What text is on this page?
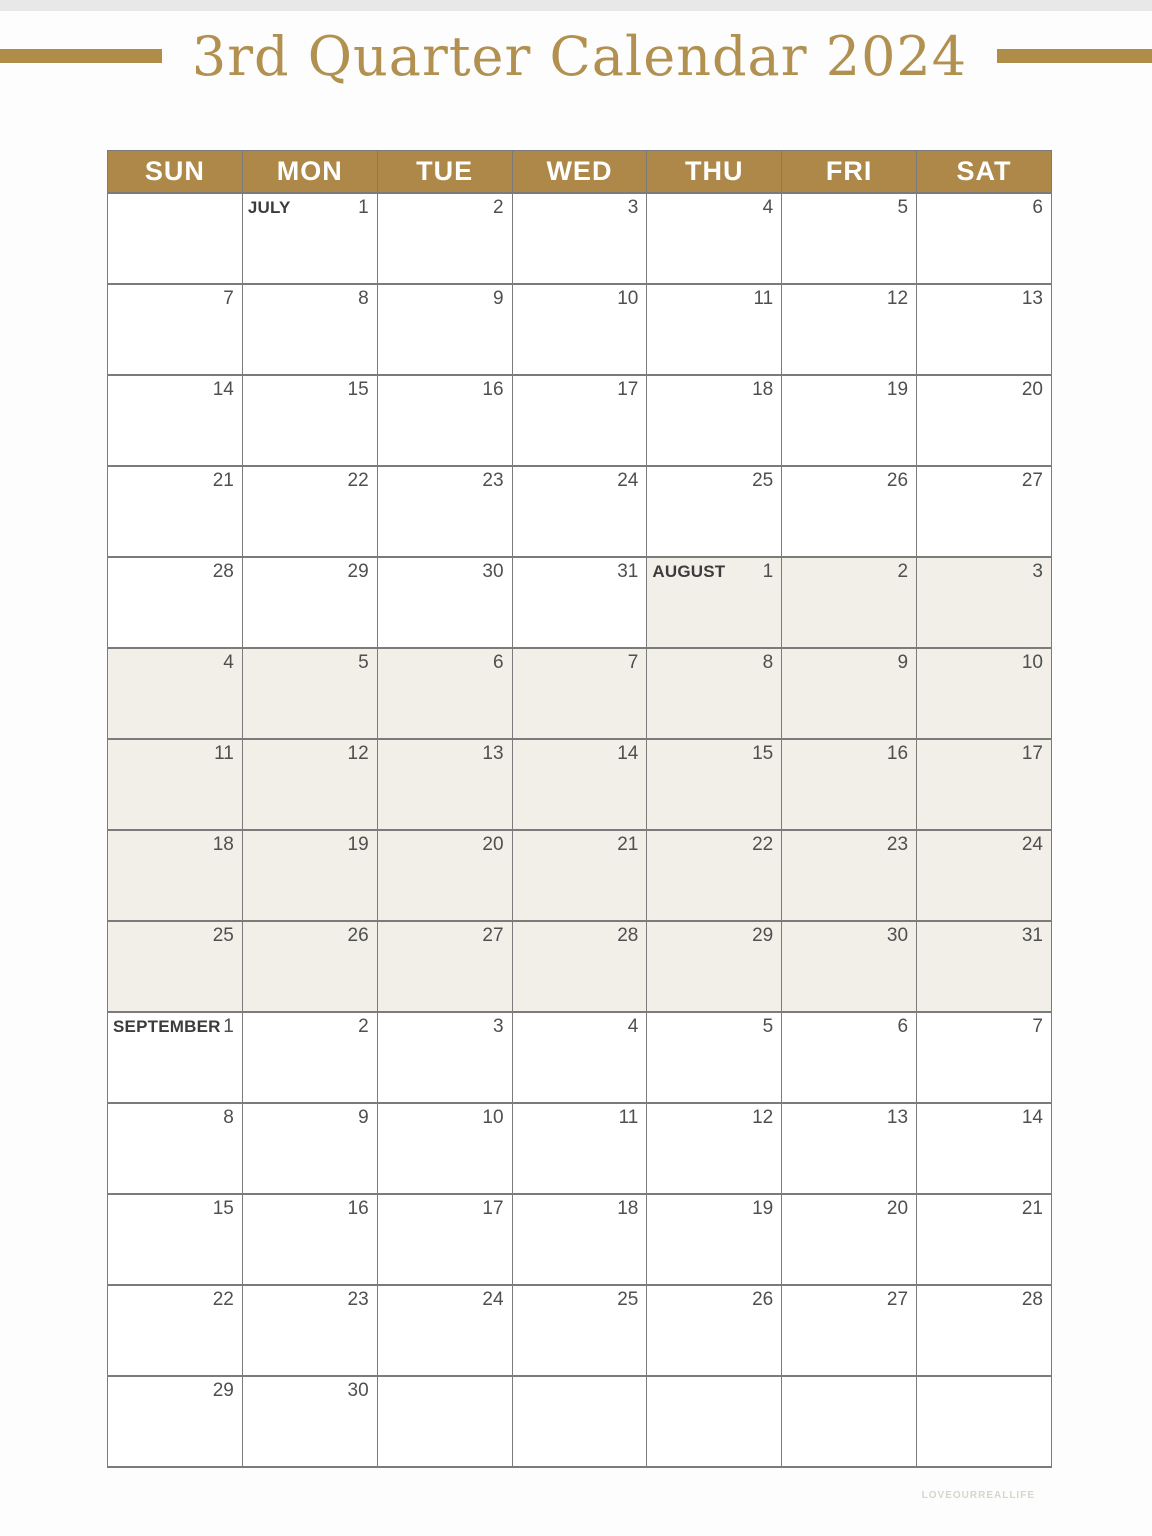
3rd Quarter Calendar 2024
SUN	MON	TUE	WED	THU	FRI	SAT

	JULY 1	2	3	4	5	6

7	8	9	10	11	12	13

14	15	16	17	18	19	20

21	22	23	24	25	26	27

28	29	30	31	AUGUST 1	2	3

4	5	6	7	8	9	10

11	12	13	14	15	16	17

18	19	20	21	22	23	24

25	26	27	28	29	30	31

SEPTEMBER 1	2	3	4	5	6	7

8	9	10	11	12	13	14

15	16	17	18	19	20	21

22	23	24	25	26	27	28

29	30					

LOVEOURREALLIFE
